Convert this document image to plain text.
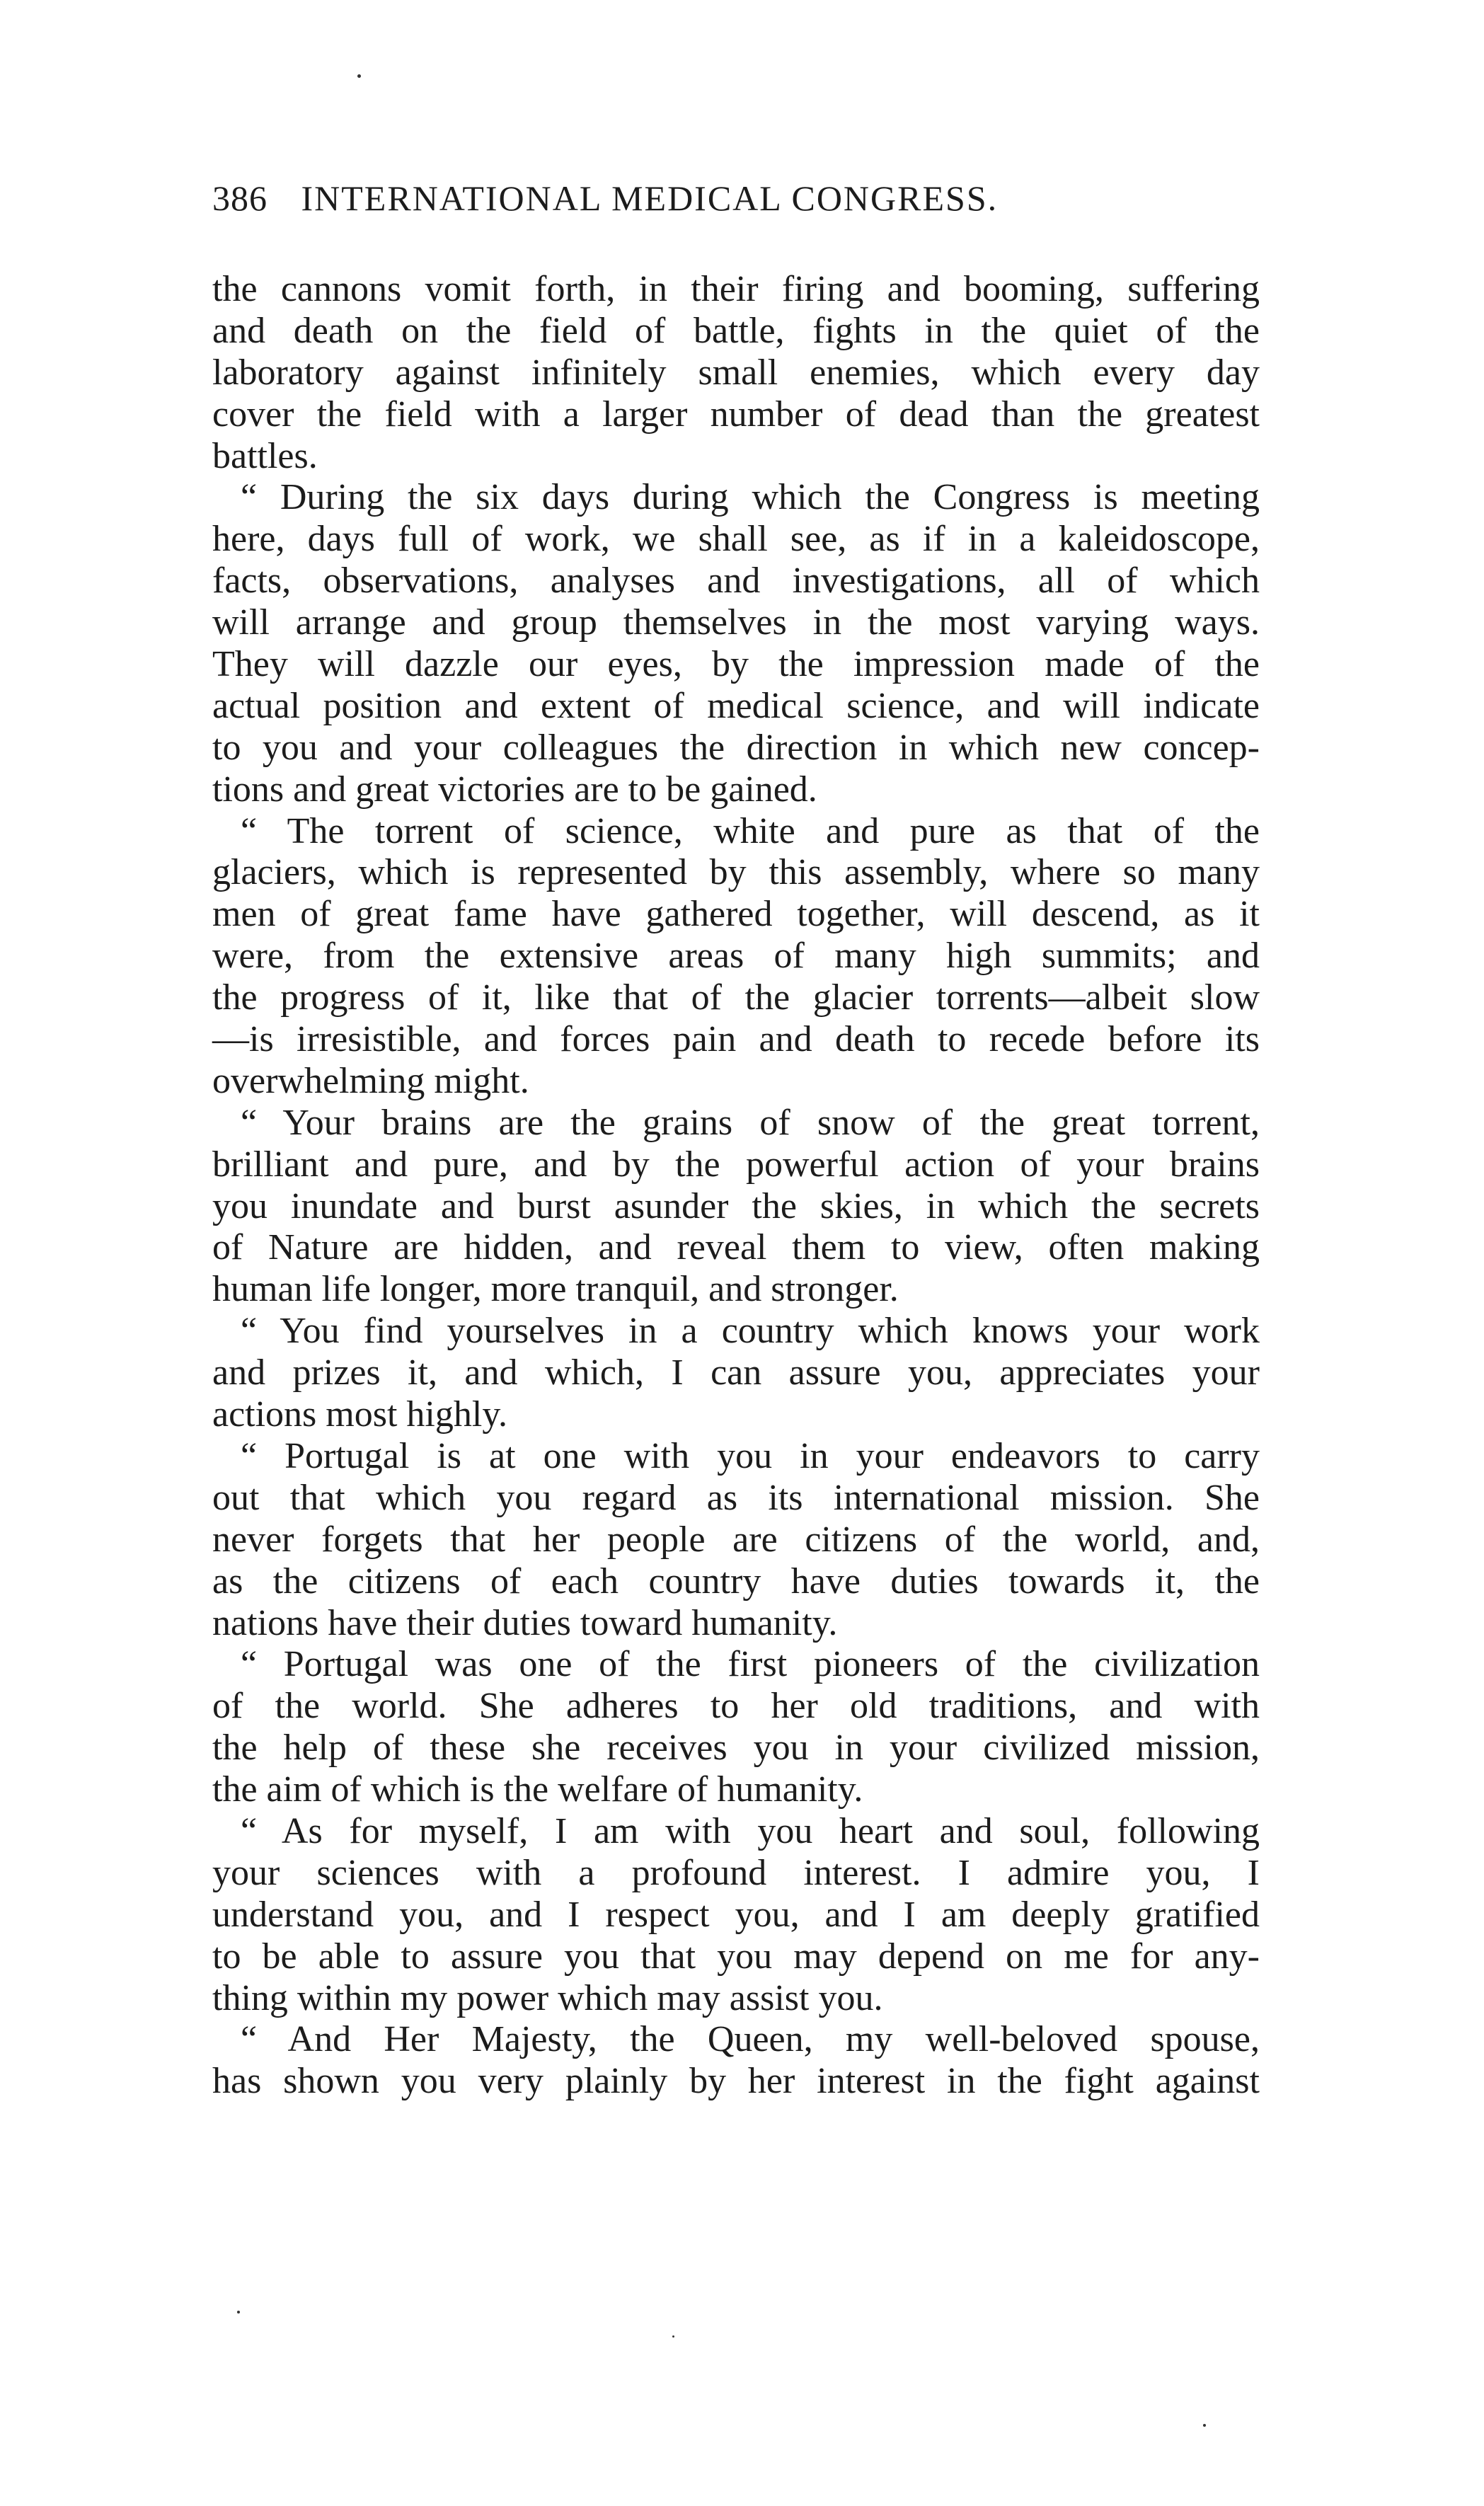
386 INTERNATIONAL MEDICAL CONGRESS.
the cannons vomit forth, in their firing and booming, suffering
and death on the field of battle, fights in the quiet of the
laboratory against infinitely small enemies, which every day
cover the field with a larger number of dead than the greatest
battles.
“ During the six days during which the Congress is meeting
here, days full of work, we shall see, as if in a kaleidoscope,
facts, observations, analyses and investigations, all of which
will arrange and group themselves in the most varying ways.
They will dazzle our eyes, by the impression made of the
actual position and extent of medical science, and will indicate
to you and your colleagues the direction in which new concep-
tions and great victories are to be gained.
“ The torrent of science, white and pure as that of the
glaciers, which is represented by this assembly, where so many
men of great fame have gathered together, will descend, as it
were, from the extensive areas of many high summits; and
the progress of it, like that of the glacier torrents—albeit slow
—is irresistible, and forces pain and death to recede before its
overwhelming might.
“ Your brains are the grains of snow of the great torrent,
brilliant and pure, and by the powerful action of your brains
you inundate and burst asunder the skies, in which the secrets
of Nature are hidden, and reveal them to view, often making
human life longer, more tranquil, and stronger.
“ You find yourselves in a country which knows your work
and prizes it, and which, I can assure you, appreciates your
actions most highly.
“ Portugal is at one with you in your endeavors to carry
out that which you regard as its international mission. She
never forgets that her people are citizens of the world, and,
as the citizens of each country have duties towards it, the
nations have their duties toward humanity.
“ Portugal was one of the first pioneers of the civilization
of the world. She adheres to her old traditions, and with
the help of these she receives you in your civilized mission,
the aim of which is the welfare of humanity.
“ As for myself, I am with you heart and soul, following
your sciences with a profound interest. I admire you, I
understand you, and I respect you, and I am deeply gratified
to be able to assure you that you may depend on me for any-
thing within my power which may assist you.
“ And Her Majesty, the Queen, my well-beloved spouse,
has shown you very plainly by her interest in the fight against
